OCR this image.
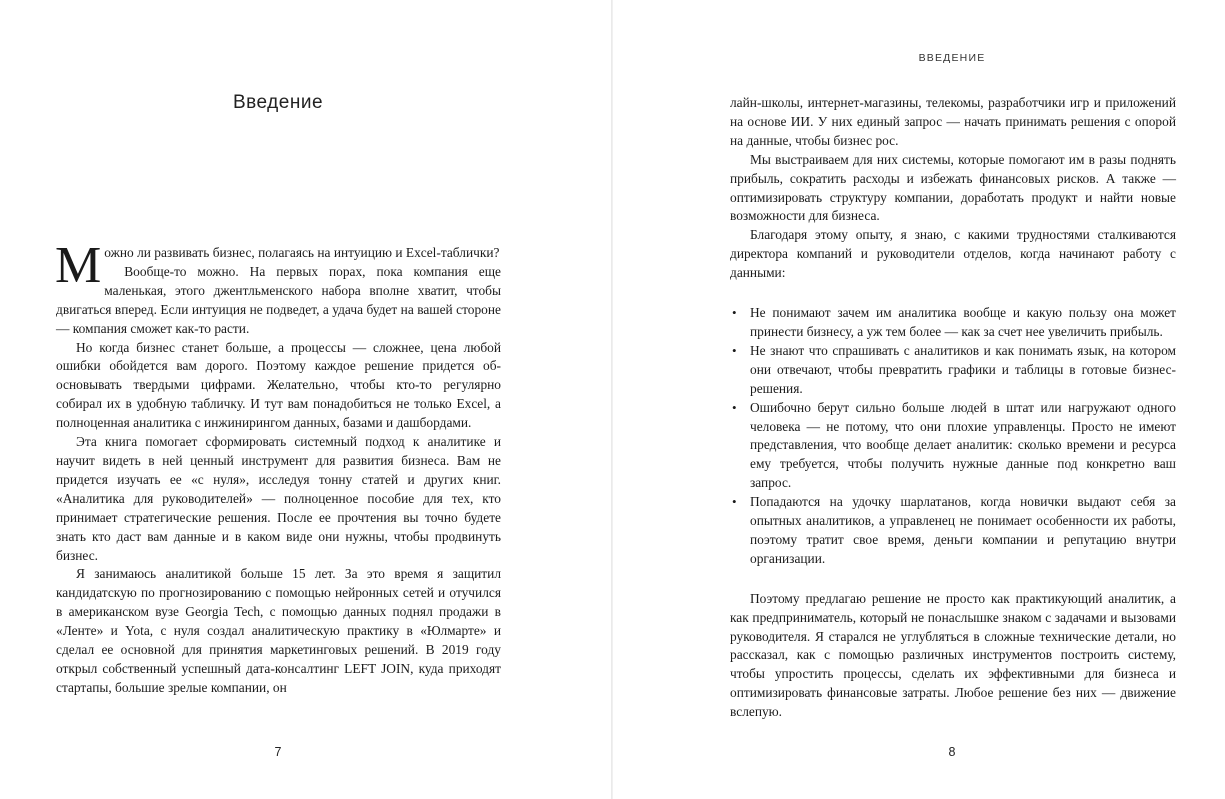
Введение

Можно ли развивать бизнес, полагаясь на интуицию и Excel-таблички?

Вообще-то можно. На первых порах, пока компания еще маленькая, этого джентльменского набора вполне хватит, чтобы двигаться вперед. Если интуиция не подведет, а удача будет на вашей стороне — компания сможет как-то расти.

Но когда бизнес станет больше, а процессы — сложнее, цена любой ошибки обойдется вам дорого. Поэтому каждое решение придется обосновывать твердыми цифрами. Желательно, чтобы кто-то регулярно собирал их в удобную табличку. И тут вам понадобиться не только Excel, а полноценная аналитика с инжинирингом данных, базами и дашбордами.

Эта книга помогает сформировать системный подход к аналитике и научит видеть в ней ценный инструмент для развития бизнеса. Вам не придется изучать ее «с нуля», исследуя тонну статей и других книг. «Аналитика для руководителей» — полноценное пособие для тех, кто принимает стратегические решения. После ее прочтения вы точно будете знать кто даст вам данные и в каком виде они нужны, чтобы продвинуть бизнес.

Я занимаюсь аналитикой больше 15 лет. За это время я защитил кандидатскую по прогнозированию с помощью нейронных сетей и отучился в американском вузе Georgia Tech, с помощью данных поднял продажи в «Ленте» и Yota, с нуля создал аналитическую практику в «Юлмарте» и сделал ее основной для принятия маркетинговых решений. В 2019 году открыл собственный успешный дата-консалтинг LEFT JOIN, куда приходят стартапы, большие зрелые компании, он

7
ВВЕДЕНИЕ

лайн-школы, интернет-магазины, телекомы, разработчики игр и приложений на основе ИИ. У них единый запрос — начать принимать решения с опорой на данные, чтобы бизнес рос.

Мы выстраиваем для них системы, которые помогают им в разы поднять прибыль, сократить расходы и избежать финансовых рисков. А также — оптимизировать структуру компании, доработать продукт и найти новые возможности для бизнеса.

Благодаря этому опыту, я знаю, с какими трудностями сталкиваются директора компаний и руководители отделов, когда начинают работу с данными:

• Не понимают зачем им аналитика вообще и какую пользу она может принести бизнесу, а уж тем более — как за счет нее увеличить прибыль.
• Не знают что спрашивать с аналитиков и как понимать язык, на котором они отвечают, чтобы превратить графики и таблицы в готовые бизнес-решения.
• Ошибочно берут сильно больше людей в штат или нагружают одного человека — не потому, что они плохие управленцы. Просто не имеют представления, что вообще делает аналитик: сколько времени и ресурса ему требуется, чтобы получить нужные данные под конкретно ваш запрос.
• Попадаются на удочку шарлатанов, когда новички выдают себя за опытных аналитиков, а управленец не понимает особенности их работы, поэтому тратит свое время, деньги компании и репутацию внутри организации.

Поэтому предлагаю решение не просто как практикующий аналитик, а как предприниматель, который не понаслышке знаком с задачами и вызовами руководителя. Я старался не углубляться в сложные технические детали, но рассказал, как с помощью различных инструментов построить систему, чтобы упростить процессы, сделать их эффективными для бизнеса и оптимизировать финансовые затраты. Любое решение без них — движение вслепую.

8
